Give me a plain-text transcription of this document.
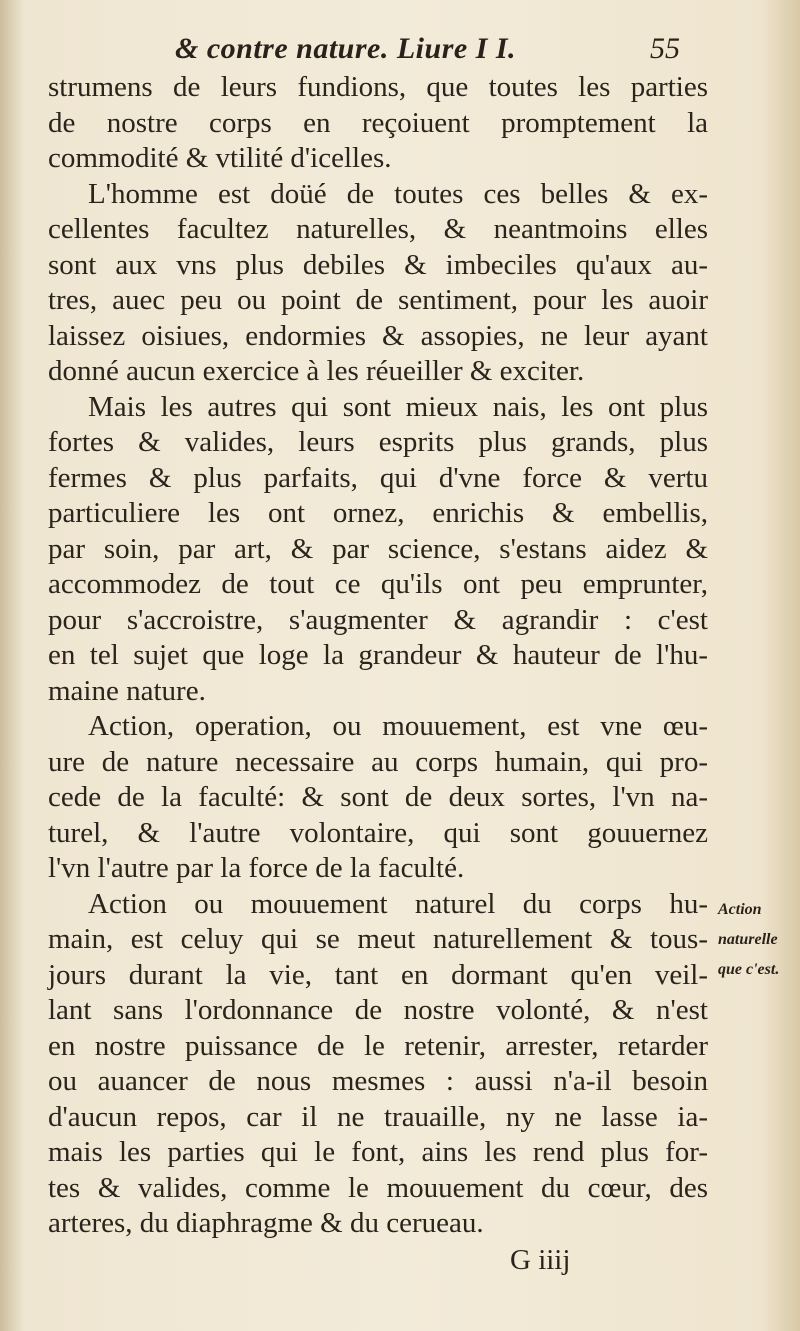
& contre nature. Liure I I.	55
strumens de leurs fundions, que toutes les parties
de nostre corps en reçoiuent promptement la
commodité & vtilité d'icelles.
L'homme est doüé de toutes ces belles & ex-
cellentes facultez naturelles, & neantmoins elles
sont aux vns plus debiles & imbeciles qu'aux au-
tres, auec peu ou point de sentiment, pour les auoir
laissez oisiues, endormies & assopies, ne leur ayant
donné aucun exercice à les réueiller & exciter.
Mais les autres qui sont mieux nais, les ont plus
fortes & valides, leurs esprits plus grands, plus
fermes & plus parfaits, qui d'vne force & vertu
particuliere les ont ornez, enrichis & embellis,
par soin, par art, & par science, s'estans aidez &
accommodez de tout ce qu'ils ont peu emprunter,
pour s'accroistre, s'augmenter & agrandir : c'est
en tel sujet que loge la grandeur & hauteur de l'hu-
maine nature.
Action, operation, ou mouuement, est vne œu-
ure de nature necessaire au corps humain, qui pro-
cede de la faculté: & sont de deux sortes, l'vn na-
turel, & l'autre volontaire, qui sont gouuernez
l'vn l'autre par la force de la faculté.
Action ou mouuement naturel du corps hu-
main, est celuy qui se meut naturellement & tous-
jours durant la vie, tant en dormant qu'en veil-
lant sans l'ordonnance de nostre volonté, & n'est
en nostre puissance de le retenir, arrester, retarder
ou auancer de nous mesmes : aussi n'a-il besoin
d'aucun repos, car il ne trauaille, ny ne lasse ia-
mais les parties qui le font, ains les rend plus for-
tes & valides, comme le mouuement du cœur, des
arteres, du diaphragme & du cerueau.
Action
naturelle
que c'est.
G iiij
